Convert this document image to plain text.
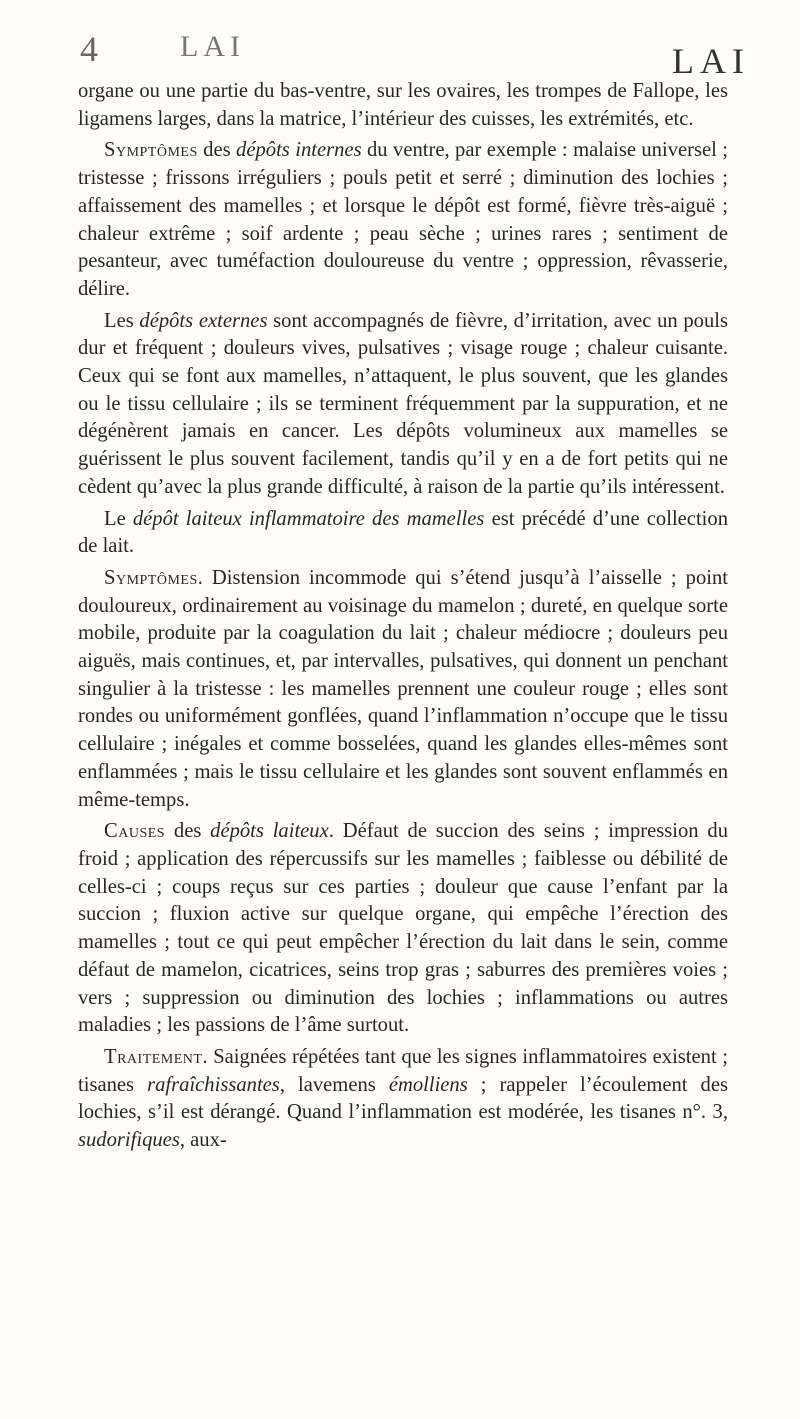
4	LAI	LAI

organe ou une partie du bas-ventre, sur les ovaires, les trompes de Fallope, les ligamens larges, dans la matrice, l’intérieur des cuisses, les extrémités, etc.

Symptômes des dépôts internes du ventre, par exemple : malaise universel ; tristesse ; frissons irréguliers ; pouls petit et serré ; diminution des lochies ; affaissement des mamelles ; et lorsque le dépôt est formé, fièvre très-aiguë ; chaleur extrême ; soif ardente ; peau sèche ; urines rares ; sentiment de pesanteur, avec tuméfaction douloureuse du ventre ; oppression, rêvasserie, délire.

Les dépôts externes sont accompagnés de fièvre, d’irritation, avec un pouls dur et fréquent ; douleurs vives, pulsatives ; visage rouge ; chaleur cuisante. Ceux qui se font aux mamelles, n’attaquent, le plus souvent, que les glandes ou le tissu cellulaire ; ils se terminent fréquemment par la suppuration, et ne dégénèrent jamais en cancer. Les dépôts volumineux aux mamelles se guérissent le plus souvent facilement, tandis qu’il y en a de fort petits qui ne cèdent qu’avec la plus grande difficulté, à raison de la partie qu’ils intéressent.

Le dépôt laiteux inflammatoire des mamelles est précédé d’une collection de lait.

Symptômes. Distension incommode qui s’étend jusqu’à l’aisselle ; point douloureux, ordinairement au voisinage du mamelon ; dureté, en quelque sorte mobile, produite par la coagulation du lait ; chaleur médiocre ; douleurs peu aiguës, mais continues, et, par intervalles, pulsatives, qui donnent un penchant singulier à la tristesse : les mamelles prennent une couleur rouge ; elles sont rondes ou uniformément gonflées, quand l’inflammation n’occupe que le tissu cellulaire ; inégales et comme bosselées, quand les glandes elles-mêmes sont enflammées ; mais le tissu cellulaire et les glandes sont souvent enflammés en même-temps.

Causes des dépôts laiteux. Défaut de succion des seins ; impression du froid ; application des répercussifs sur les mamelles ; faiblesse ou débilité de celles-ci ; coups reçus sur ces parties ; douleur que cause l’enfant par la succion ; fluxion active sur quelque organe, qui empêche l’érection des mamelles ; tout ce qui peut empêcher l’érection du lait dans le sein, comme défaut de mamelon, cicatrices, seins trop gras ; saburres des premières voies ; vers ; suppression ou diminution des lochies ; inflammations ou autres maladies ; les passions de l’âme surtout.

Traitement. Saignées répétées tant que les signes inflammatoires existent ; tisanes rafraîchissantes, lavemens émolliens ; rappeler l’écoulement des lochies, s’il est dérangé. Quand l’inflammation est modérée, les tisanes n°. 3, sudorifiques, aux-
